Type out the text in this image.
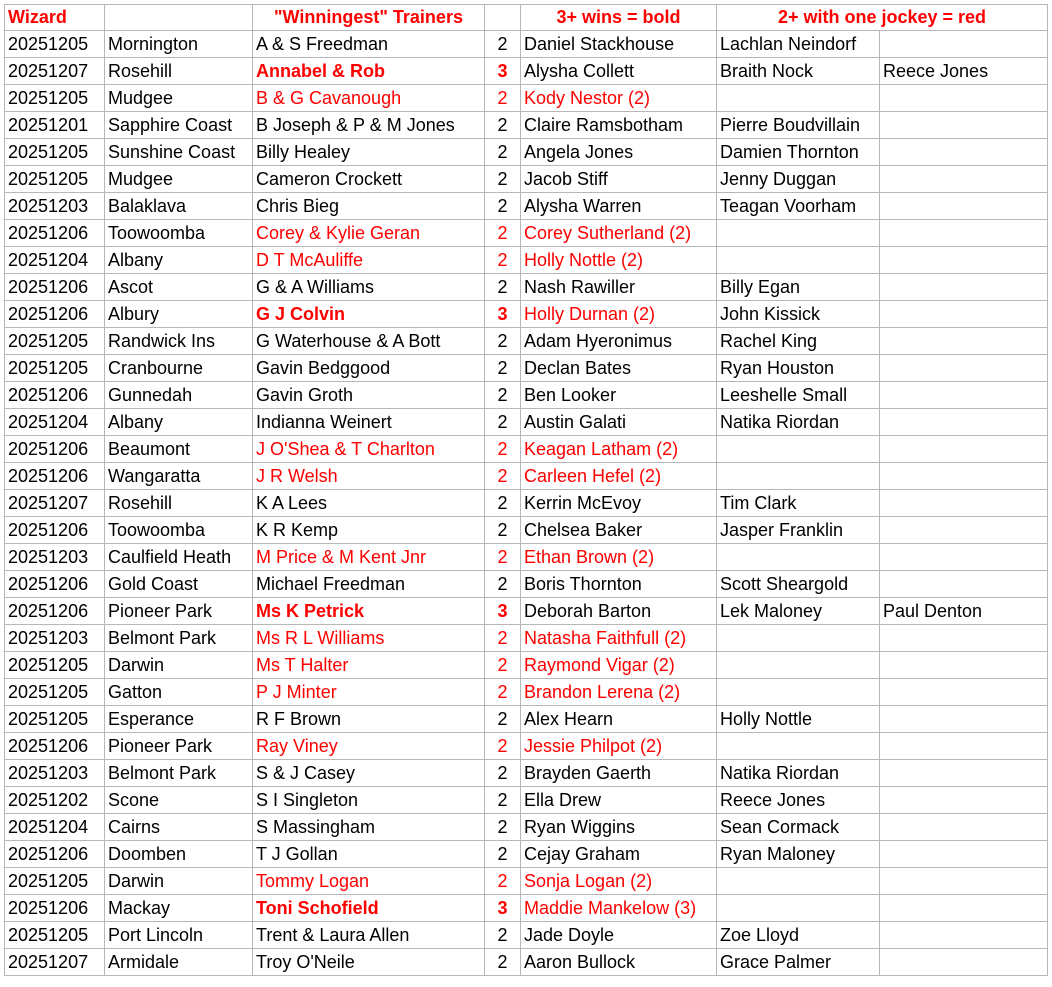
Wizard		"Winningest" Trainers		3+ wins = bold	2+ with one jockey = red	
20251205	Mornington	A & S Freedman	2	Daniel Stackhouse	Lachlan Neindorf	
20251207	Rosehill	Annabel & Rob	3	Alysha Collett	Braith Nock	Reece Jones
20251205	Mudgee	B & G Cavanough	2	Kody Nestor (2)		
20251201	Sapphire Coast	B Joseph & P & M Jones	2	Claire Ramsbotham	Pierre Boudvillain	
20251205	Sunshine Coast	Billy Healey	2	Angela Jones	Damien Thornton	
20251205	Mudgee	Cameron Crockett	2	Jacob Stiff	Jenny Duggan	
20251203	Balaklava	Chris Bieg	2	Alysha Warren	Teagan Voorham	
20251206	Toowoomba	Corey & Kylie Geran	2	Corey Sutherland (2)		
20251204	Albany	D T McAuliffe	2	Holly Nottle (2)		
20251206	Ascot	G & A Williams	2	Nash Rawiller	Billy Egan	
20251206	Albury	G J Colvin	3	Holly Durnan (2)	John Kissick	
20251205	Randwick Ins	G Waterhouse & A Bott	2	Adam Hyeronimus	Rachel King	
20251205	Cranbourne	Gavin Bedggood	2	Declan Bates	Ryan Houston	
20251206	Gunnedah	Gavin Groth	2	Ben Looker	Leeshelle Small	
20251204	Albany	Indianna Weinert	2	Austin Galati	Natika Riordan	
20251206	Beaumont	J O'Shea & T Charlton	2	Keagan Latham (2)		
20251206	Wangaratta	J R Welsh	2	Carleen Hefel (2)		
20251207	Rosehill	K A Lees	2	Kerrin McEvoy	Tim Clark	
20251206	Toowoomba	K R Kemp	2	Chelsea Baker	Jasper Franklin	
20251203	Caulfield Heath	M Price & M Kent Jnr	2	Ethan Brown (2)		
20251206	Gold Coast	Michael Freedman	2	Boris Thornton	Scott Sheargold	
20251206	Pioneer Park	Ms K Petrick	3	Deborah Barton	Lek Maloney	Paul Denton
20251203	Belmont Park	Ms R L Williams	2	Natasha Faithfull (2)		
20251205	Darwin	Ms T Halter	2	Raymond Vigar (2)		
20251205	Gatton	P J Minter	2	Brandon Lerena (2)		
20251205	Esperance	R F Brown	2	Alex Hearn	Holly Nottle	
20251206	Pioneer Park	Ray Viney	2	Jessie Philpot (2)		
20251203	Belmont Park	S & J Casey	2	Brayden Gaerth	Natika Riordan	
20251202	Scone	S I Singleton	2	Ella Drew	Reece Jones	
20251204	Cairns	S Massingham	2	Ryan Wiggins	Sean Cormack	
20251206	Doomben	T J Gollan	2	Cejay Graham	Ryan Maloney	
20251205	Darwin	Tommy Logan	2	Sonja Logan (2)		
20251206	Mackay	Toni Schofield	3	Maddie Mankelow (3)		
20251205	Port Lincoln	Trent & Laura Allen	2	Jade Doyle	Zoe Lloyd	
20251207	Armidale	Troy O'Neile	2	Aaron Bullock	Grace Palmer	
